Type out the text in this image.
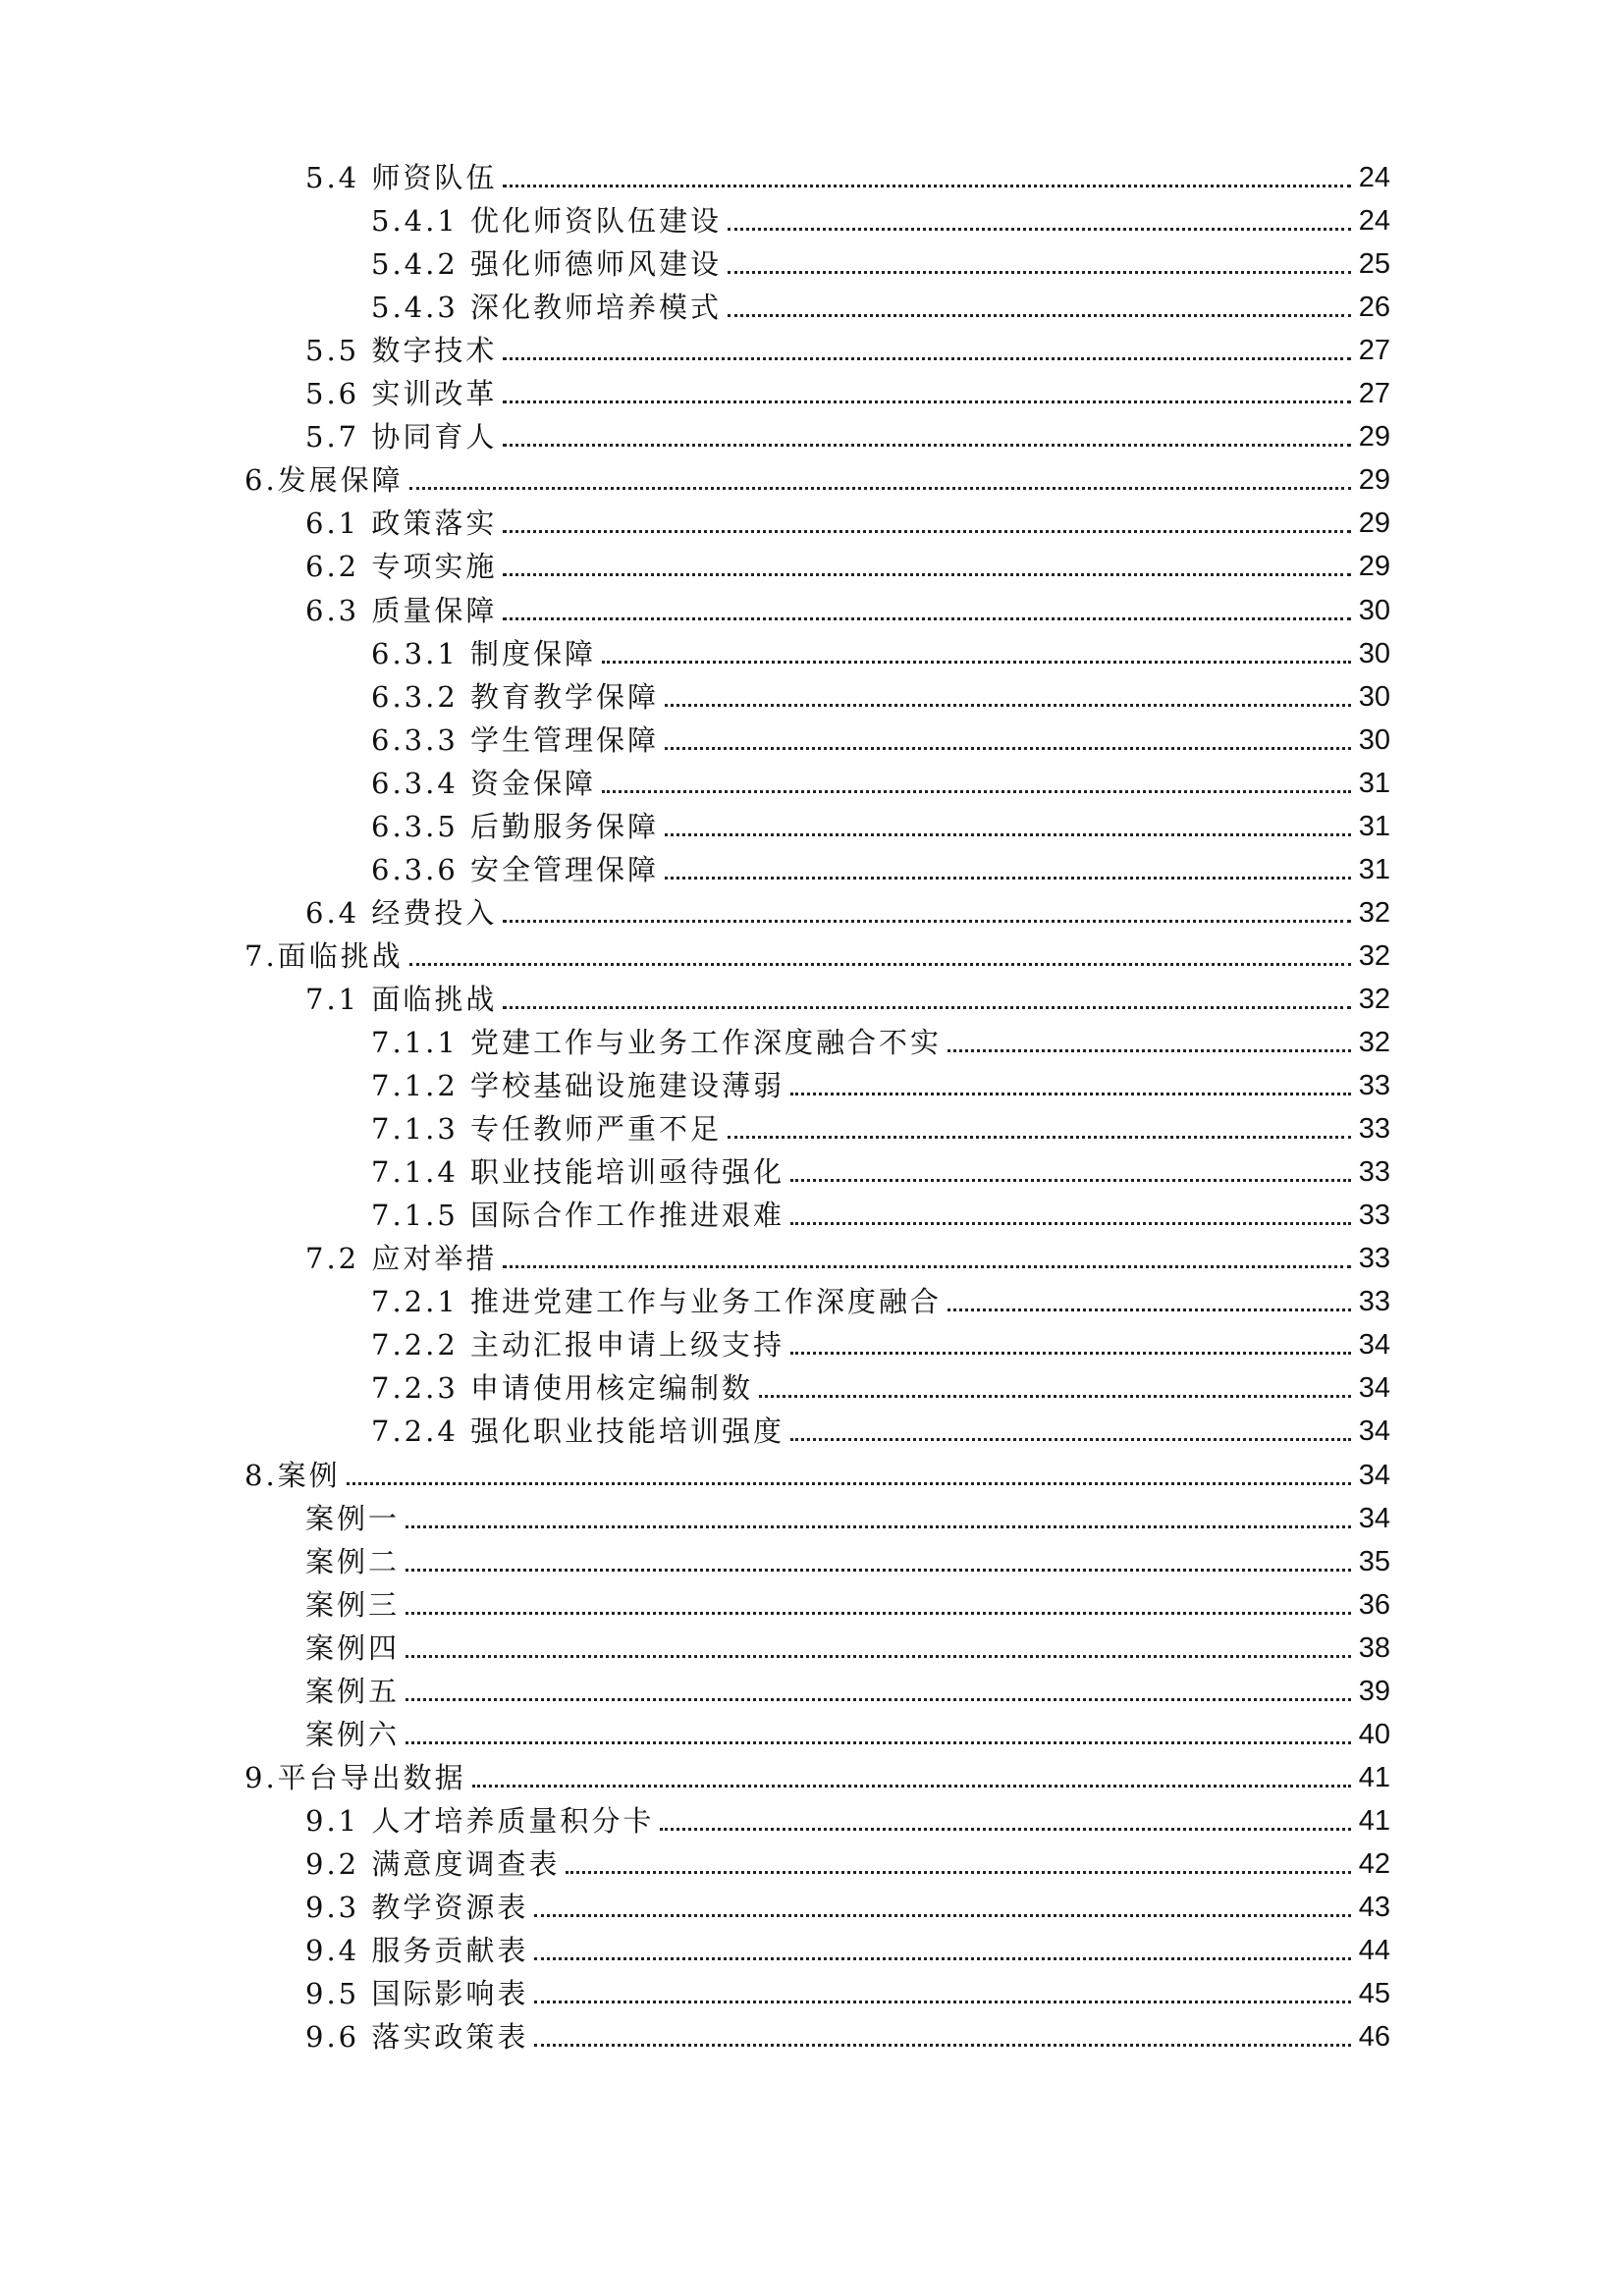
5.4 师资队伍	24
5.4.1 优化师资队伍建设	24
5.4.2 强化师德师风建设	25
5.4.3 深化教师培养模式	26
5.5 数字技术	27
5.6 实训改革	27
5.7 协同育人	29
6.发展保障	29
6.1 政策落实	29
6.2 专项实施	29
6.3 质量保障	30
6.3.1 制度保障	30
6.3.2 教育教学保障	30
6.3.3 学生管理保障	30
6.3.4 资金保障	31
6.3.5 后勤服务保障	31
6.3.6 安全管理保障	31
6.4 经费投入	32
7.面临挑战	32
7.1 面临挑战	32
7.1.1 党建工作与业务工作深度融合不实	32
7.1.2 学校基础设施建设薄弱	33
7.1.3 专任教师严重不足	33
7.1.4 职业技能培训亟待强化	33
7.1.5 国际合作工作推进艰难	33
7.2 应对举措	33
7.2.1 推进党建工作与业务工作深度融合	33
7.2.2 主动汇报申请上级支持	34
7.2.3 申请使用核定编制数	34
7.2.4 强化职业技能培训强度	34
8.案例	34
案例一	34
案例二	35
案例三	36
案例四	38
案例五	39
案例六	40
9.平台导出数据	41
9.1 人才培养质量积分卡	41
9.2 满意度调查表	42
9.3 教学资源表	43
9.4 服务贡献表	44
9.5 国际影响表	45
9.6 落实政策表	46
